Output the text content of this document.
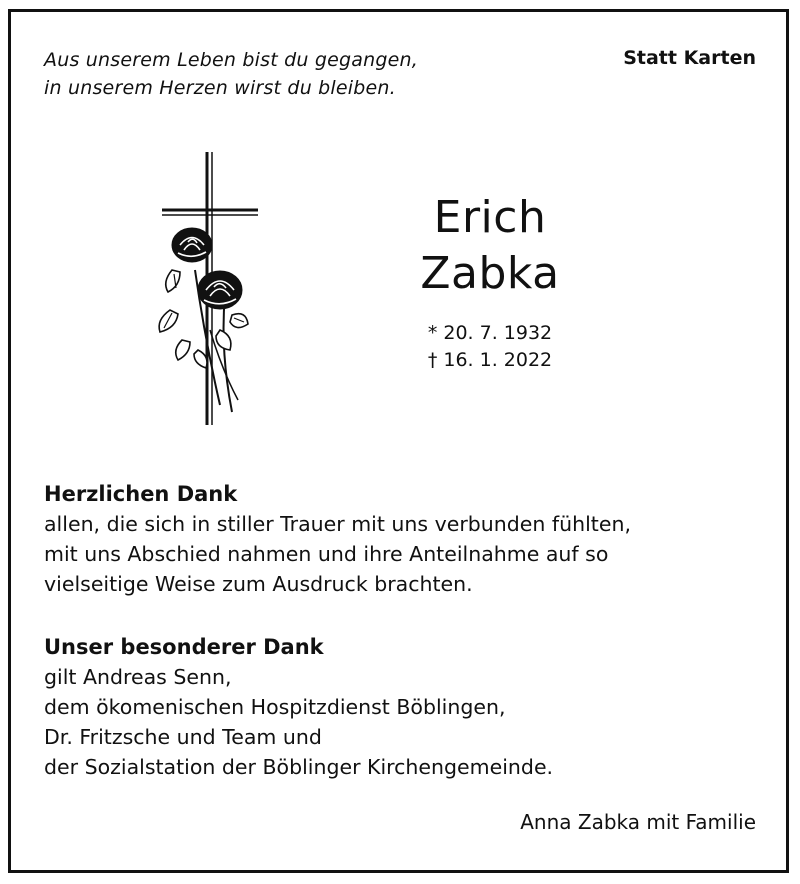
Aus unserem Leben bist du gegangen,
in unserem Herzen wirst du bleiben.
Statt Karten
Erich
Zabka
* 20. 7. 1932
† 16. 1. 2022
Herzlichen Dank
allen, die sich in stiller Trauer mit uns verbunden fühlten,
mit uns Abschied nahmen und ihre Anteilnahme auf so
vielseitige Weise zum Ausdruck brachten.
Unser besonderer Dank
gilt Andreas Senn,
dem ökomenischen Hospitzdienst Böblingen,
Dr. Fritzsche und Team und
der Sozialstation der Böblinger Kirchengemeinde.
Anna Zabka mit Familie
